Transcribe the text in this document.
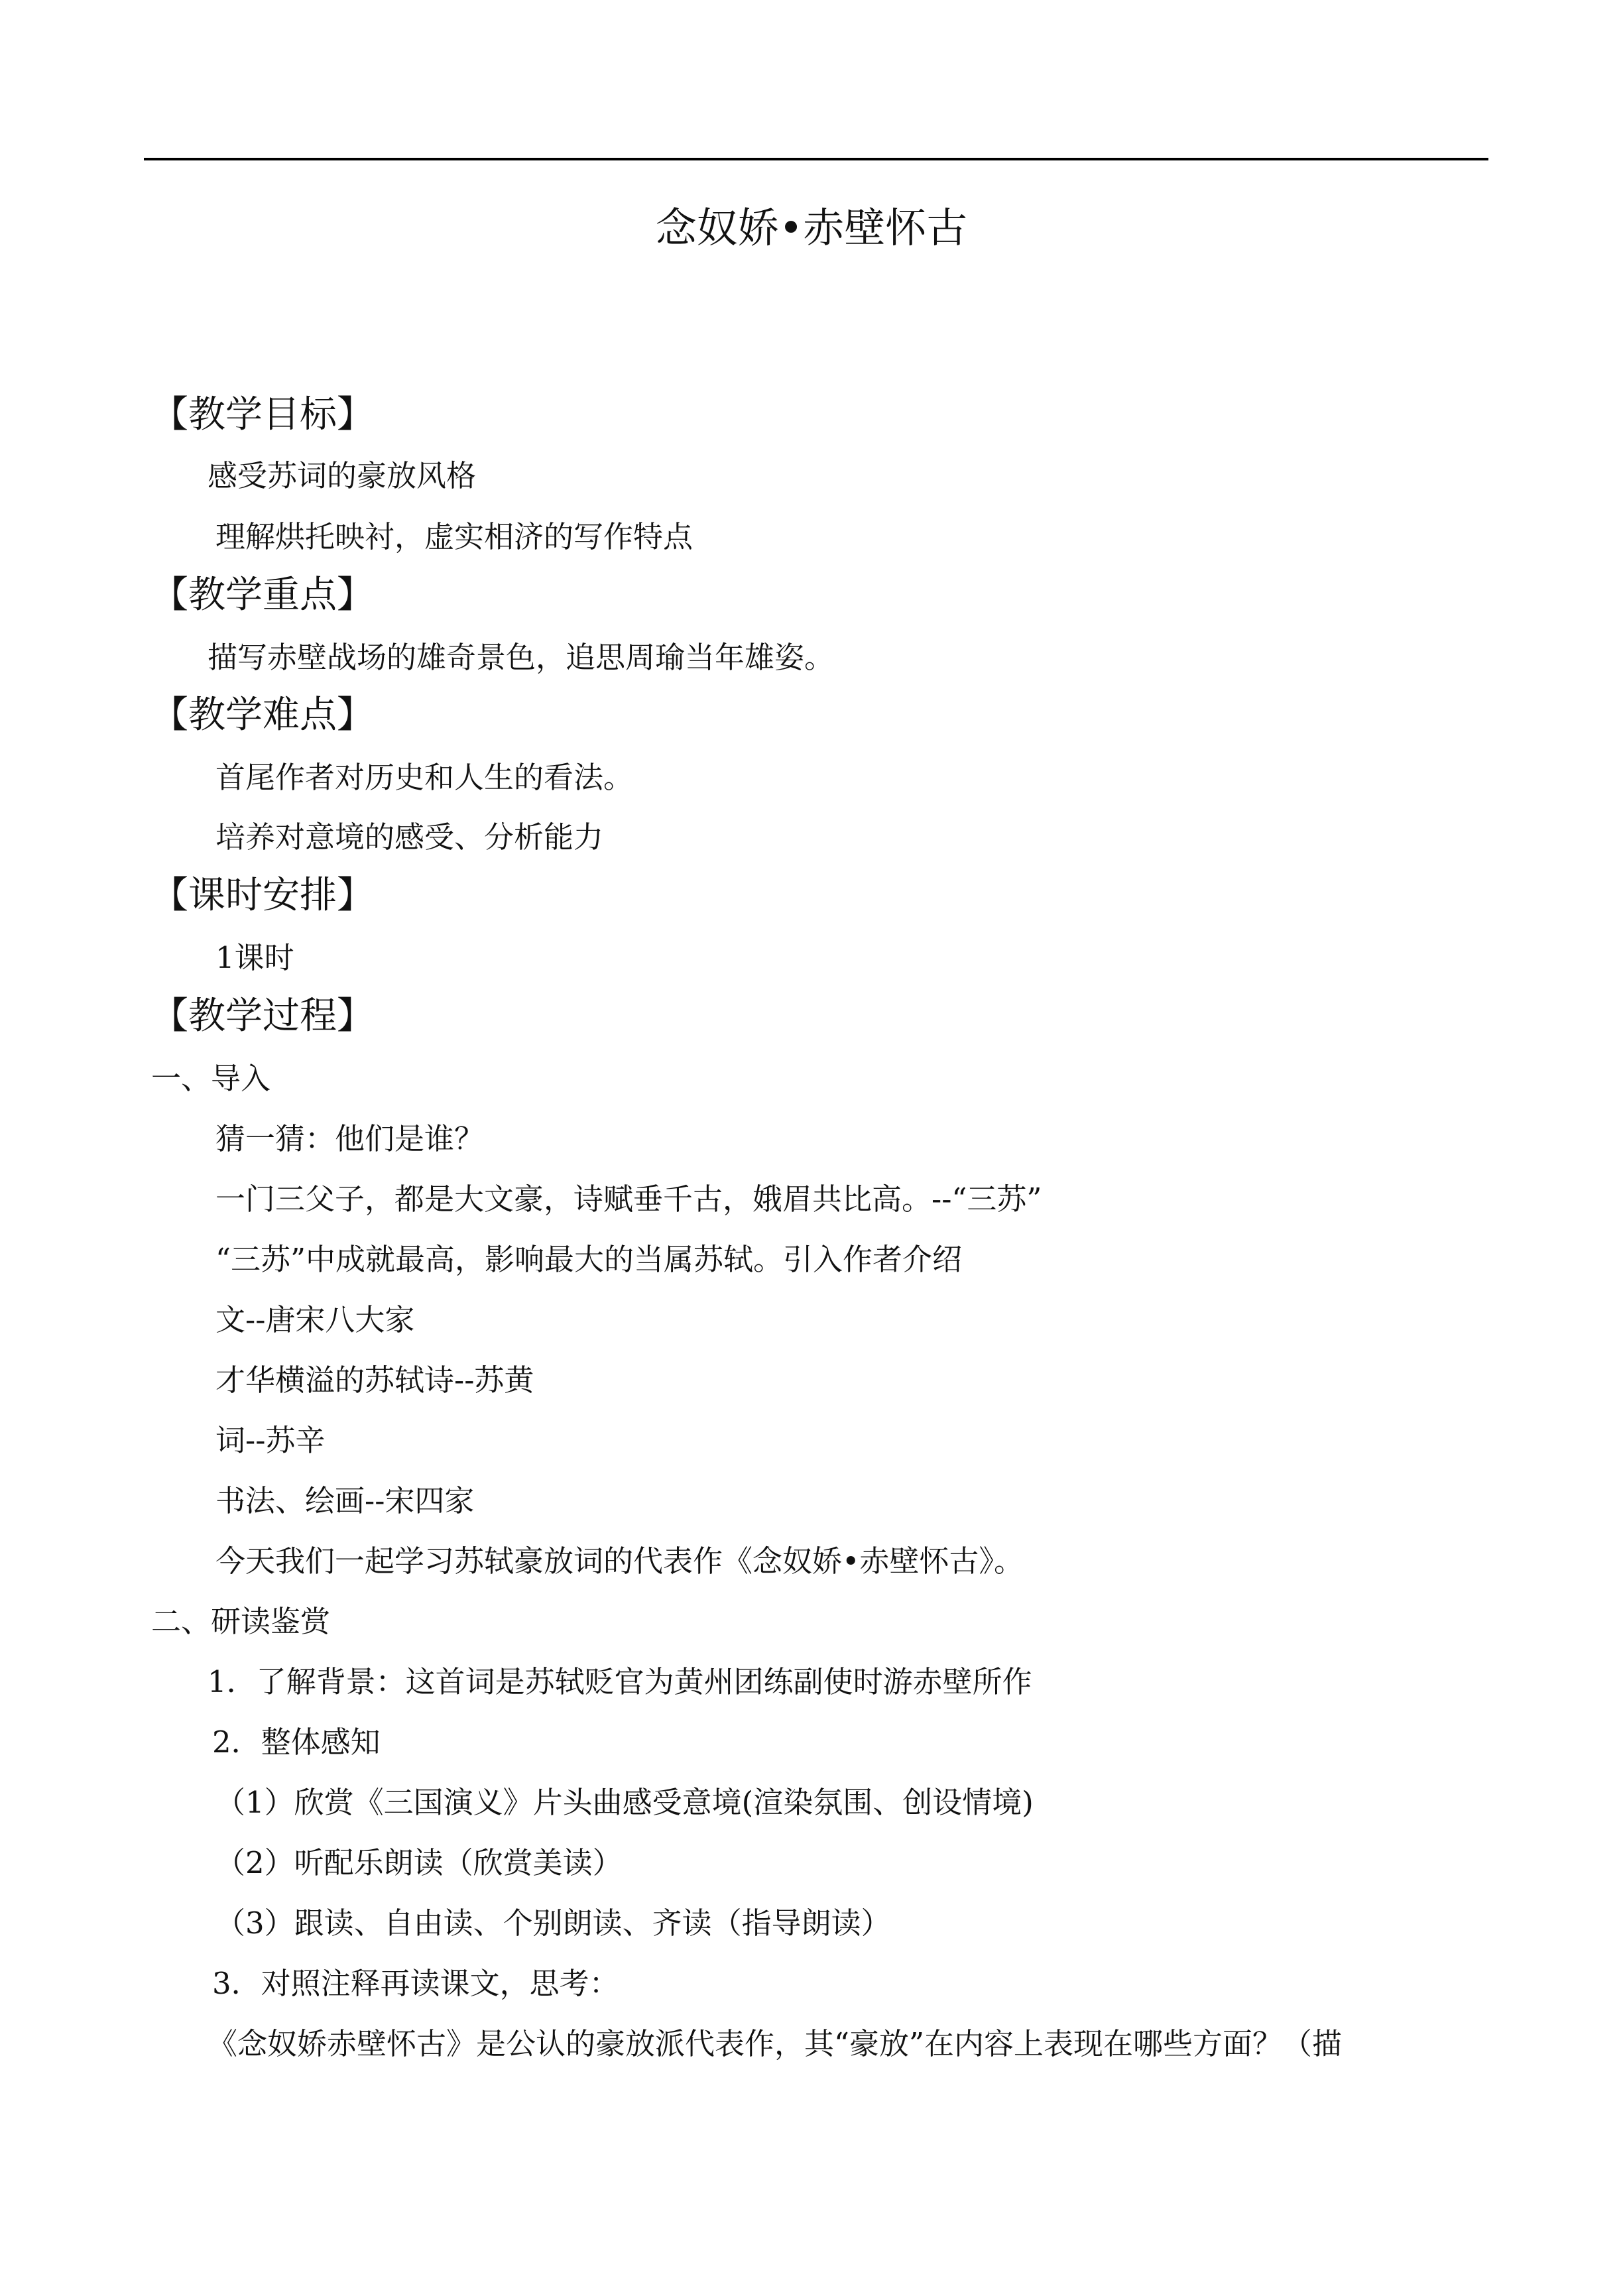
念奴娇•赤壁怀古
【教学目标】
感受苏词的豪放风格
理解烘托映衬，虚实相济的写作特点
【教学重点】
描写赤壁战场的雄奇景色，追思周瑜当年雄姿。
【教学难点】
首尾作者对历史和人生的看法。
培养对意境的感受、分析能力
【课时安排】
1课时
【教学过程】
一、导入
猜一猜：他们是谁？
一门三父子，都是大文豪，诗赋垂千古，娥眉共比高。--“三苏”
“三苏”中成就最高，影响最大的当属苏轼。引入作者介绍
文--唐宋八大家
才华横溢的苏轼诗--苏黄
词--苏辛
书法、绘画--宋四家
今天我们一起学习苏轼豪放词的代表作《念奴娇•赤壁怀古》。
二、研读鉴赏
1．了解背景：这首词是苏轼贬官为黄州团练副使时游赤壁所作
2．整体感知
（1）欣赏《三国演义》片头曲感受意境(渲染氛围、创设情境)
（2）听配乐朗读（欣赏美读）
（3）跟读、自由读、个别朗读、齐读（指导朗读）
3．对照注释再读课文，思考：
《念奴娇赤壁怀古》是公认的豪放派代表作，其“豪放”在内容上表现在哪些方面？（描
